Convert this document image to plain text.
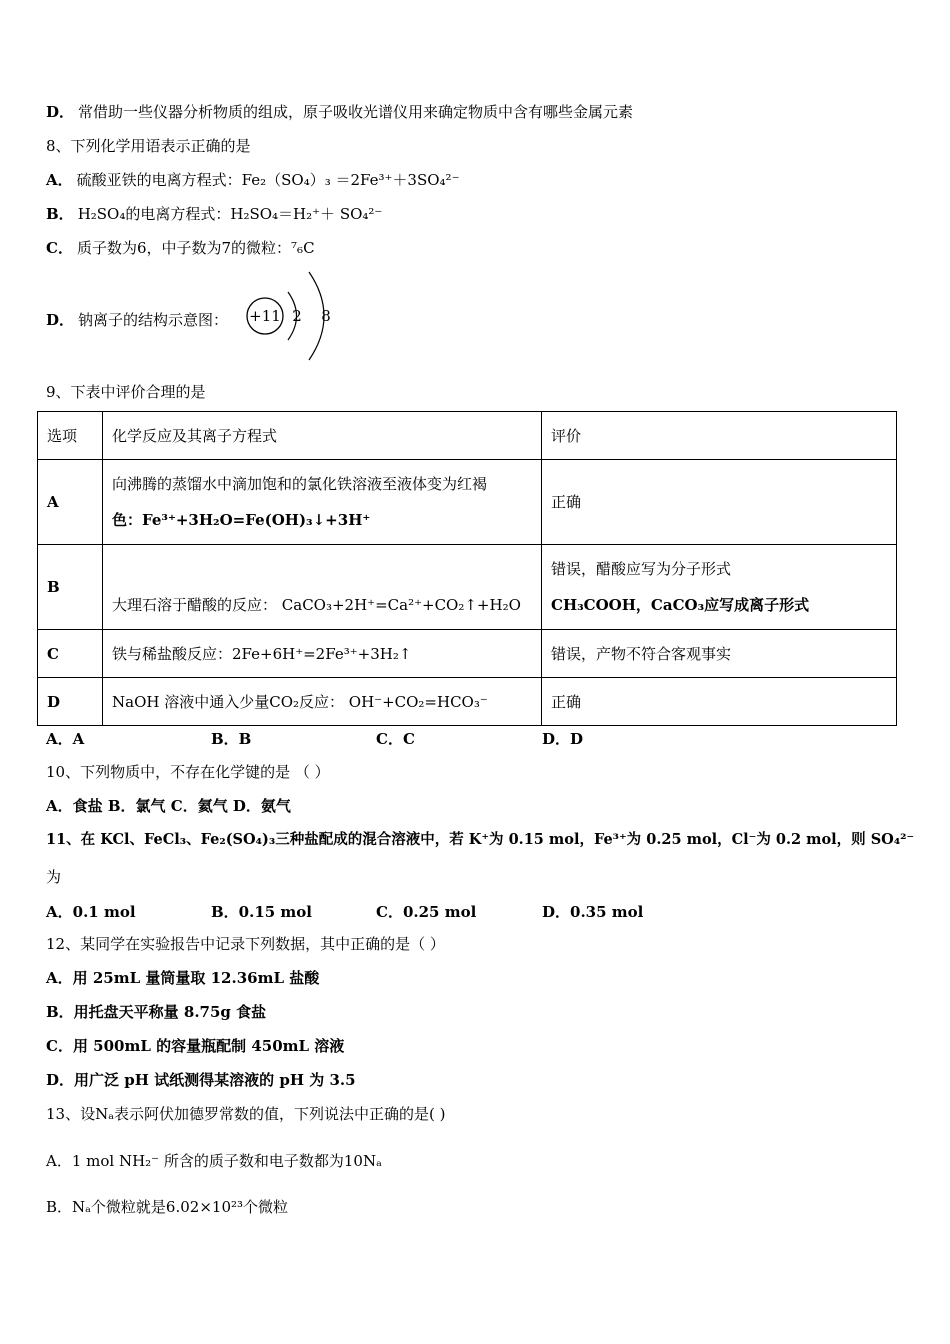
D． 常借助一些仪器分析物质的组成，原子吸收光谱仪用来确定物质中含有哪些金属元素
8、下列化学用语表示正确的是
A． 硫酸亚铁的电离方程式：Fe₂（SO₄）₃ ＝2Fe³⁺＋3SO₄²⁻
B． H₂SO₄的电离方程式：H₂SO₄＝H₂⁺＋ SO₄²⁻
C． 质子数为6，中子数为7的微粒：⁷₆C
D． 钠离子的结构示意图： +11 2 8
9、下表中评价合理的是
选项	化学反应及其离子方程式	评价
A	向沸腾的蒸馏水中滴加饱和的氯化铁溶液至液体变为红褐
色：Fe³⁺+3H₂O=Fe(OH)₃↓+3H⁺	正确

B	大理石溶于醋酸的反应： CaCO₃+2H⁺=Ca²⁺+CO₂↑+H₂O	错误，醋酸应写为分子形式
CH₃COOH，CaCO₃应写成离子形式

C	铁与稀盐酸反应：2Fe+6H⁺=2Fe³⁺+3H₂↑	错误，产物不符合客观事实
D	NaOH 溶液中通入少量CO₂反应： OH⁻+CO₂=HCO₃⁻	正确
A．A	B．B	C．C	D．D
10、下列物质中，不存在化学键的是 （ ）
A．食盐 B．氯气 C．氦气 D．氨气
11、在 KCl、FeCl₃、Fe₂(SO₄)₃三种盐配成的混合溶液中，若 K⁺为 0.15 mol，Fe³⁺为 0.25 mol，Cl⁻为 0.2 mol，则 SO₄²⁻
为
A．0.1 mol	B．0.15 mol	C．0.25 mol	D．0.35 mol
12、某同学在实验报告中记录下列数据，其中正确的是（ ）
A．用 25mL 量筒量取 12.36mL 盐酸
B．用托盘天平称量 8.75g 食盐
C．用 500mL 的容量瓶配制 450mL 溶液
D．用广泛 pH 试纸测得某溶液的 pH 为 3.5
13、设Nₐ表示阿伏加德罗常数的值，下列说法中正确的是( )
A．1 mol NH₂⁻ 所含的质子数和电子数都为10Nₐ
B．Nₐ个微粒就是6.02×10²³个微粒
